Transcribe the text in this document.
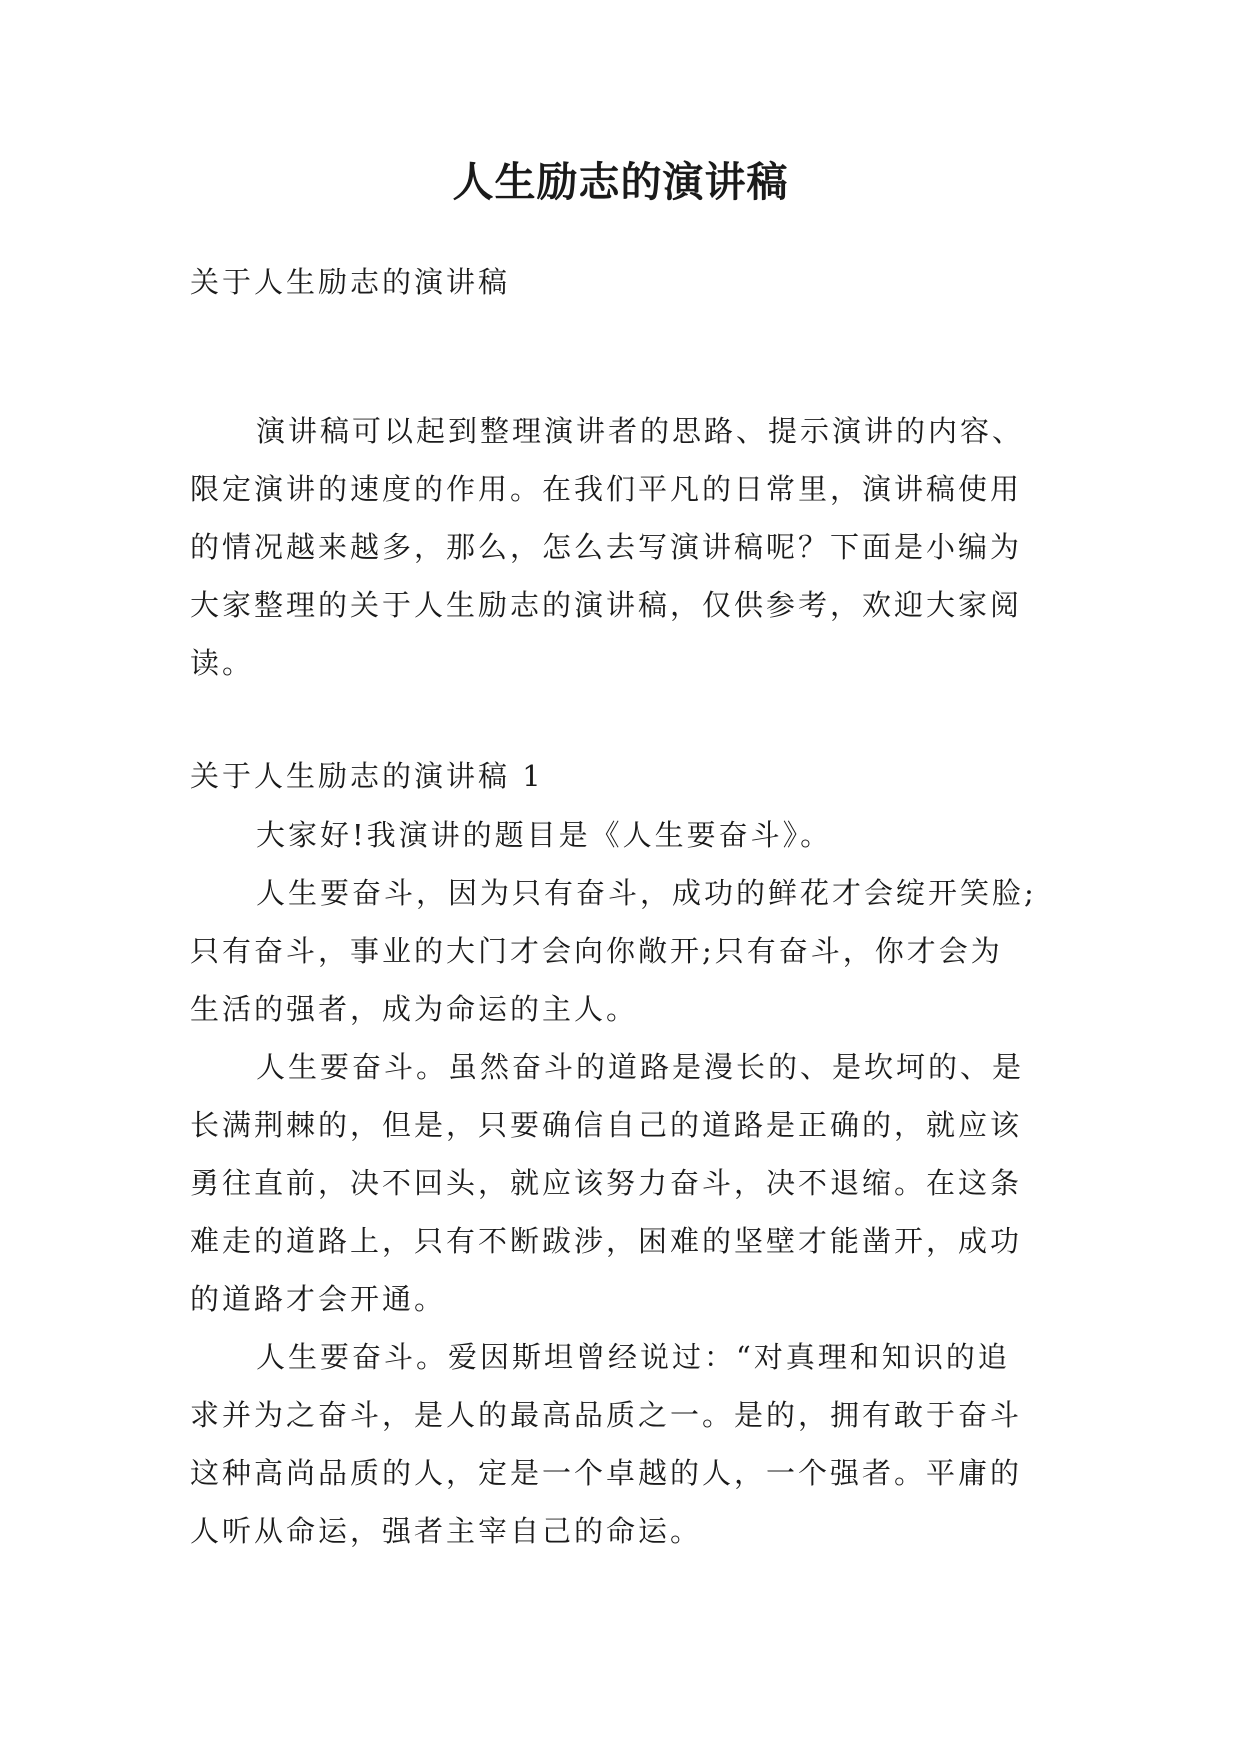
人生励志的演讲稿

关于人生励志的演讲稿

演讲稿可以起到整理演讲者的思路、提示演讲的内容、
限定演讲的速度的作用。在我们平凡的日常里，演讲稿使用
的情况越来越多，那么，怎么去写演讲稿呢？下面是小编为
大家整理的关于人生励志的演讲稿，仅供参考，欢迎大家阅
读。

关于人生励志的演讲稿 1

大家好!我演讲的题目是《人生要奋斗》。

人生要奋斗，因为只有奋斗，成功的鲜花才会绽开笑脸;
只有奋斗，事业的大门才会向你敞开;只有奋斗，你才会为
生活的强者，成为命运的主人。

人生要奋斗。虽然奋斗的道路是漫长的、是坎坷的、是
长满荆棘的，但是，只要确信自己的道路是正确的，就应该
勇往直前，决不回头，就应该努力奋斗，决不退缩。在这条
难走的道路上，只有不断跋涉，困难的坚壁才能凿开，成功
的道路才会开通。

人生要奋斗。爱因斯坦曾经说过：“对真理和知识的追
求并为之奋斗，是人的最高品质之一。是的，拥有敢于奋斗
这种高尚品质的人，定是一个卓越的人，一个强者。平庸的
人听从命运，强者主宰自己的命运。
